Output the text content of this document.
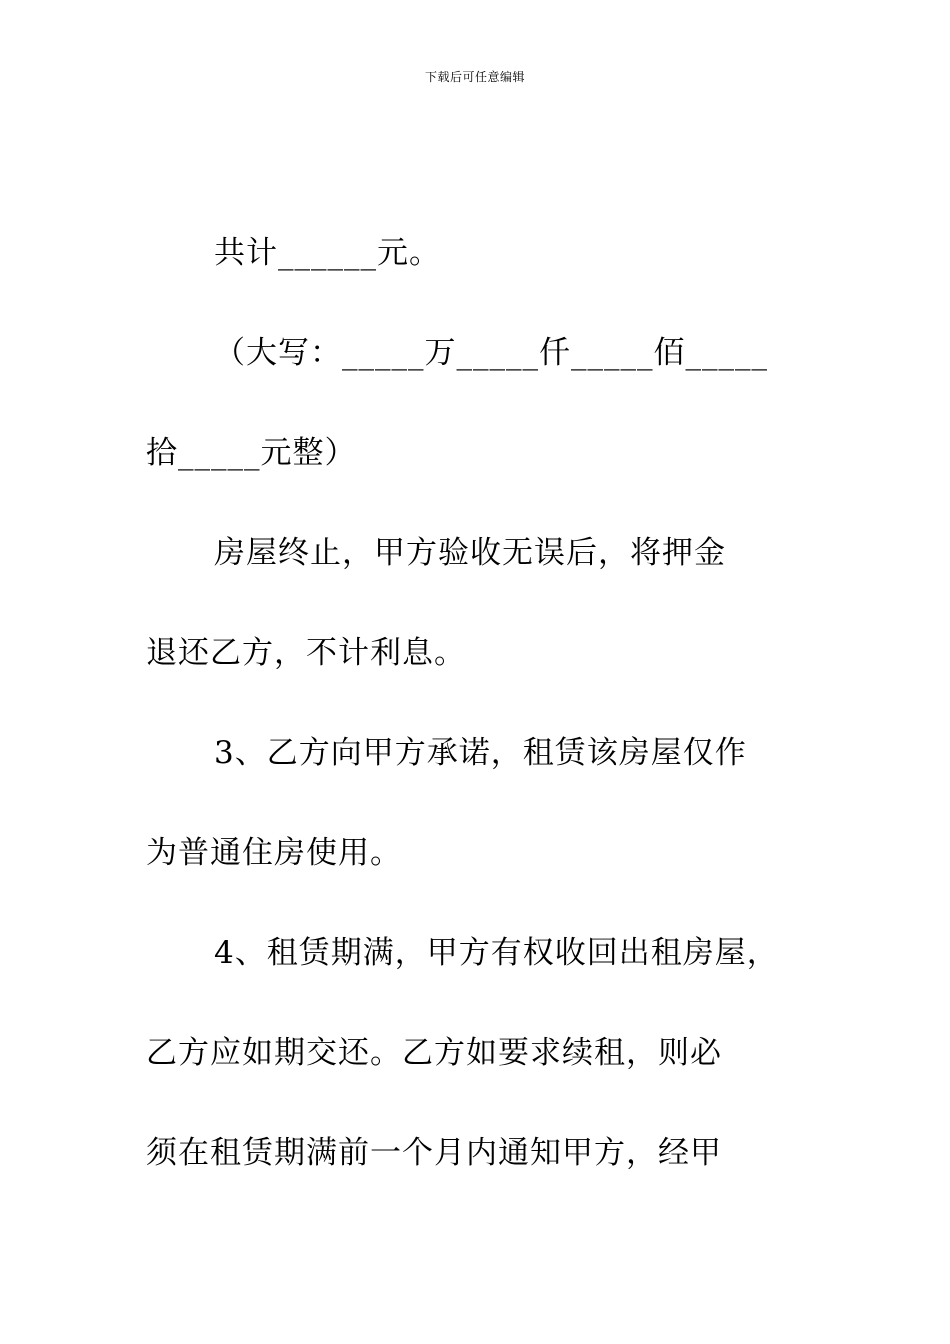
下载后可任意编辑
共计______元。
（大写：_____万_____仟_____佰_____
拾_____元整）
房屋终止，甲方验收无误后，将押金
退还乙方，不计利息。
3、乙方向甲方承诺，租赁该房屋仅作
为普通住房使用。
4、租赁期满，甲方有权收回出租房屋，
乙方应如期交还。乙方如要求续租，则必
须在租赁期满前一个月内通知甲方，经甲
